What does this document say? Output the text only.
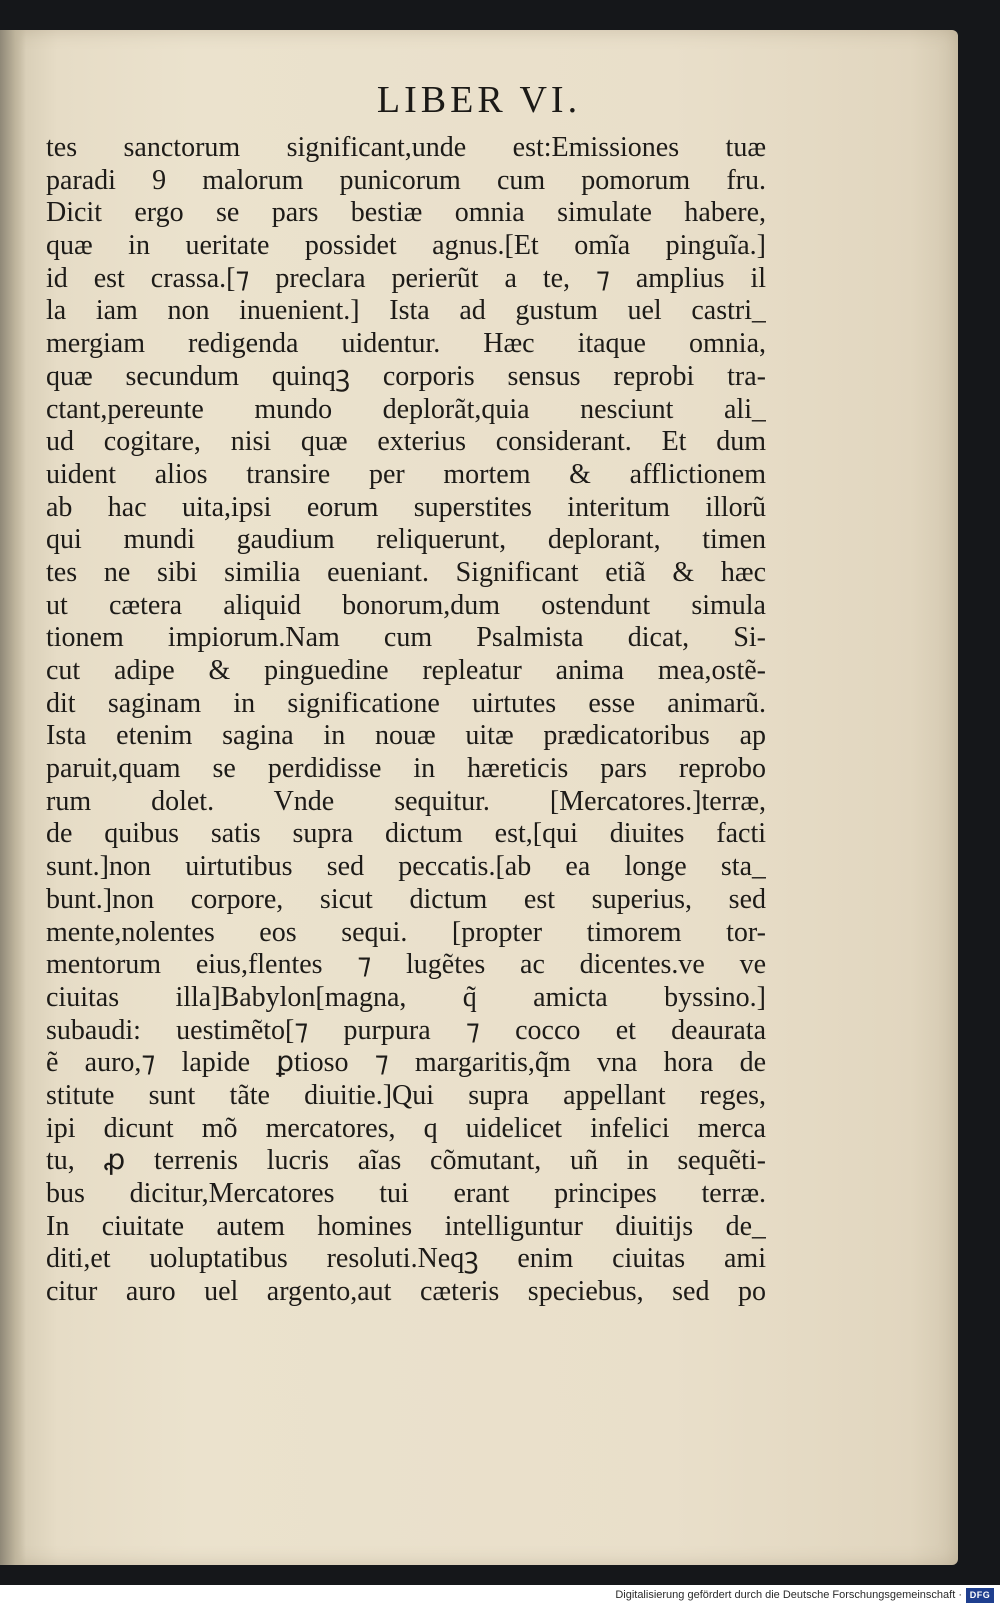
LIBER VI.
tes sanctorum significant,unde est:Emissiones tuæ
paradi 9 malorum punicorum cum pomorum fru.
Dicit ergo se pars bestiæ omnia simulate habere,
quæ in ueritate possidet agnus.[Et omĩa pinguĩa.]
id est crassa.[⁊ preclara perierũt a te, ⁊ amplius il
la iam non inuenient.] Ista ad gustum uel castri_
mergiam redigenda uidentur. Hæc itaque omnia,
quæ secundum quinqꝫ corporis sensus reprobi tra-
ctant,pereunte mundo deplorãt,quia nesciunt ali_
ud cogitare, nisi quæ exterius considerant. Et dum
uident alios transire per mortem & afflictionem
ab hac uita,ipsi eorum superstites interitum illorũ
qui mundi gaudium reliquerunt, deplorant, timen
tes ne sibi similia eueniant. Significant etiã & hæc
ut cætera aliquid bonorum,dum ostendunt simula
tionem impiorum.Nam cum Psalmista dicat, Si-
cut adipe & pinguedine repleatur anima mea,ostẽ-
dit saginam in significatione uirtutes esse animarũ.
Ista etenim sagina in nouæ uitæ prædicatoribus ap
paruit,quam se perdidisse in hæreticis pars reprobo
rum dolet. Vnde sequitur. [Mercatores.]terræ,
de quibus satis supra dictum est,[qui diuites facti
sunt.]non uirtutibus sed peccatis.[ab ea longe sta_
bunt.]non corpore, sicut dictum est superius, sed
mente,nolentes eos sequi. [propter timorem tor-
mentorum eius,flentes ⁊ lugẽtes ac dicentes.ve ve
ciuitas illa]Babylon[magna, q̃ amicta byssino.]
subaudi: uestimẽto[⁊ purpura ⁊ cocco et deaurata
ẽ auro,⁊ lapide ꝑtioso ⁊ margaritis,q̃m vna hora de
stitute sunt tãte diuitie.]Qui supra appellant reges,
ipi dicunt mõ mercatores, q uidelicet infelici merca
tu, ꝓ terrenis lucris aĩas cõmutant, uñ in sequẽti-
bus dicitur,Mercatores tui erant principes terræ.
In ciuitate autem homines intelliguntur diuitijs de_
diti,et uoluptatibus resoluti.Neqꝫ enim ciuitas ami
citur auro uel argento,aut cæteris speciebus, sed po
Digitalisierung gefördert durch die Deutsche Forschungsgemeinschaft · DFG
